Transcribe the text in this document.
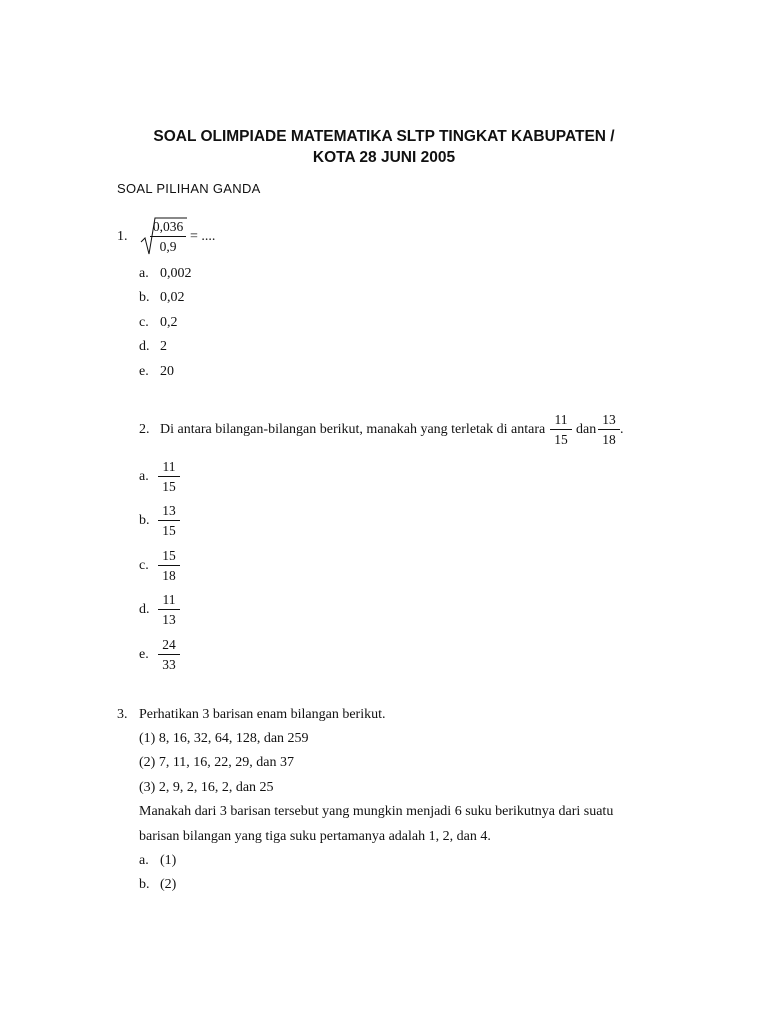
SOAL OLIMPIADE MATEMATIKA SLTP TINGKAT KABUPATEN /
KOTA 28 JUNI 2005
SOAL PILIHAN GANDA
1.
0,036
0,9
= ....
a. 0,002
b. 0,02
c. 0,2
d. 2
e. 20
2. Di antara bilangan-bilangan berikut, manakah yang terletak di antara
11
15
dan
13
18
.
a.
11
15
b.
13
15
c.
15
18
d.
11
13
e.
24
33
3. Perhatikan 3 barisan enam bilangan berikut.
(1) 8, 16, 32, 64, 128, dan 259
(2) 7, 11, 16, 22, 29, dan 37
(3) 2, 9, 2, 16, 2, dan 25
Manakah dari 3 barisan tersebut yang mungkin menjadi 6 suku berikutnya dari suatu
barisan bilangan yang tiga suku pertamanya adalah 1, 2, dan 4.
a. (1)
b. (2)
